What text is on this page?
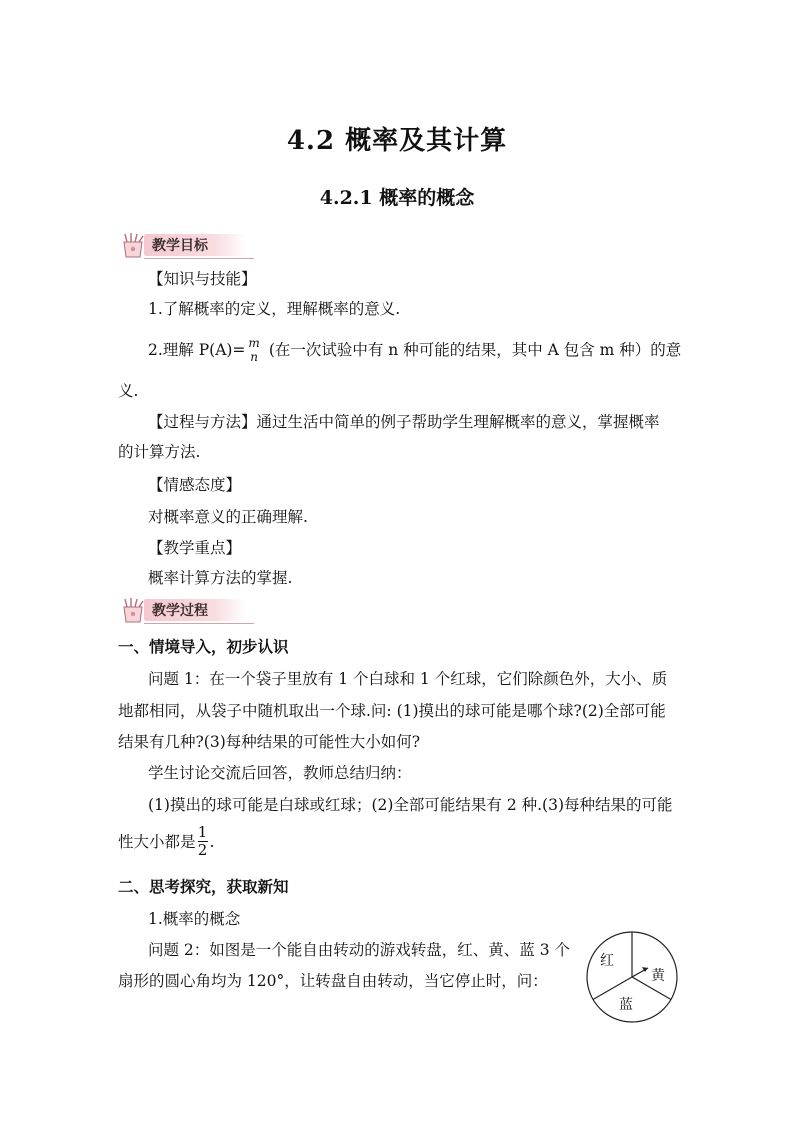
4.2 概率及其计算
4.2.1 概率的概念
教学目标
【知识与技能】
1.了解概率的定义，理解概率的意义.
2.理解 P(A)= m
n (在一次试验中有 n 种可能的结果，其中 A 包含 m 种）的意
义.
【过程与方法】通过生活中简单的例子帮助学生理解概率的意义，掌握概率
的计算方法.
【情感态度】
对概率意义的正确理解.
【教学重点】
概率计算方法的掌握.
教学过程
一、情境导入，初步认识
问题 1：在一个袋子里放有 1 个白球和 1 个红球，它们除颜色外，大小、质
地都相同，从袋子中随机取出一个球.问: (1)摸出的球可能是哪个球?(2)全部可能
结果有几种?(3)每种结果的可能性大小如何?
学生讨论交流后回答，教师总结归纳：
(1)摸出的球可能是白球或红球；(2)全部可能结果有 2 种.(3)每种结果的可能
性大小都是 $\frac{1}{2}$ .
二、思考探究，获取新知
1.概率的概念
问题 2：如图是一个能自由转动的游戏转盘，红、黄、蓝 3 个
扇形的圆心角均为 120°，让转盘自由转动，当它停止时，问：
红
黄
蓝
